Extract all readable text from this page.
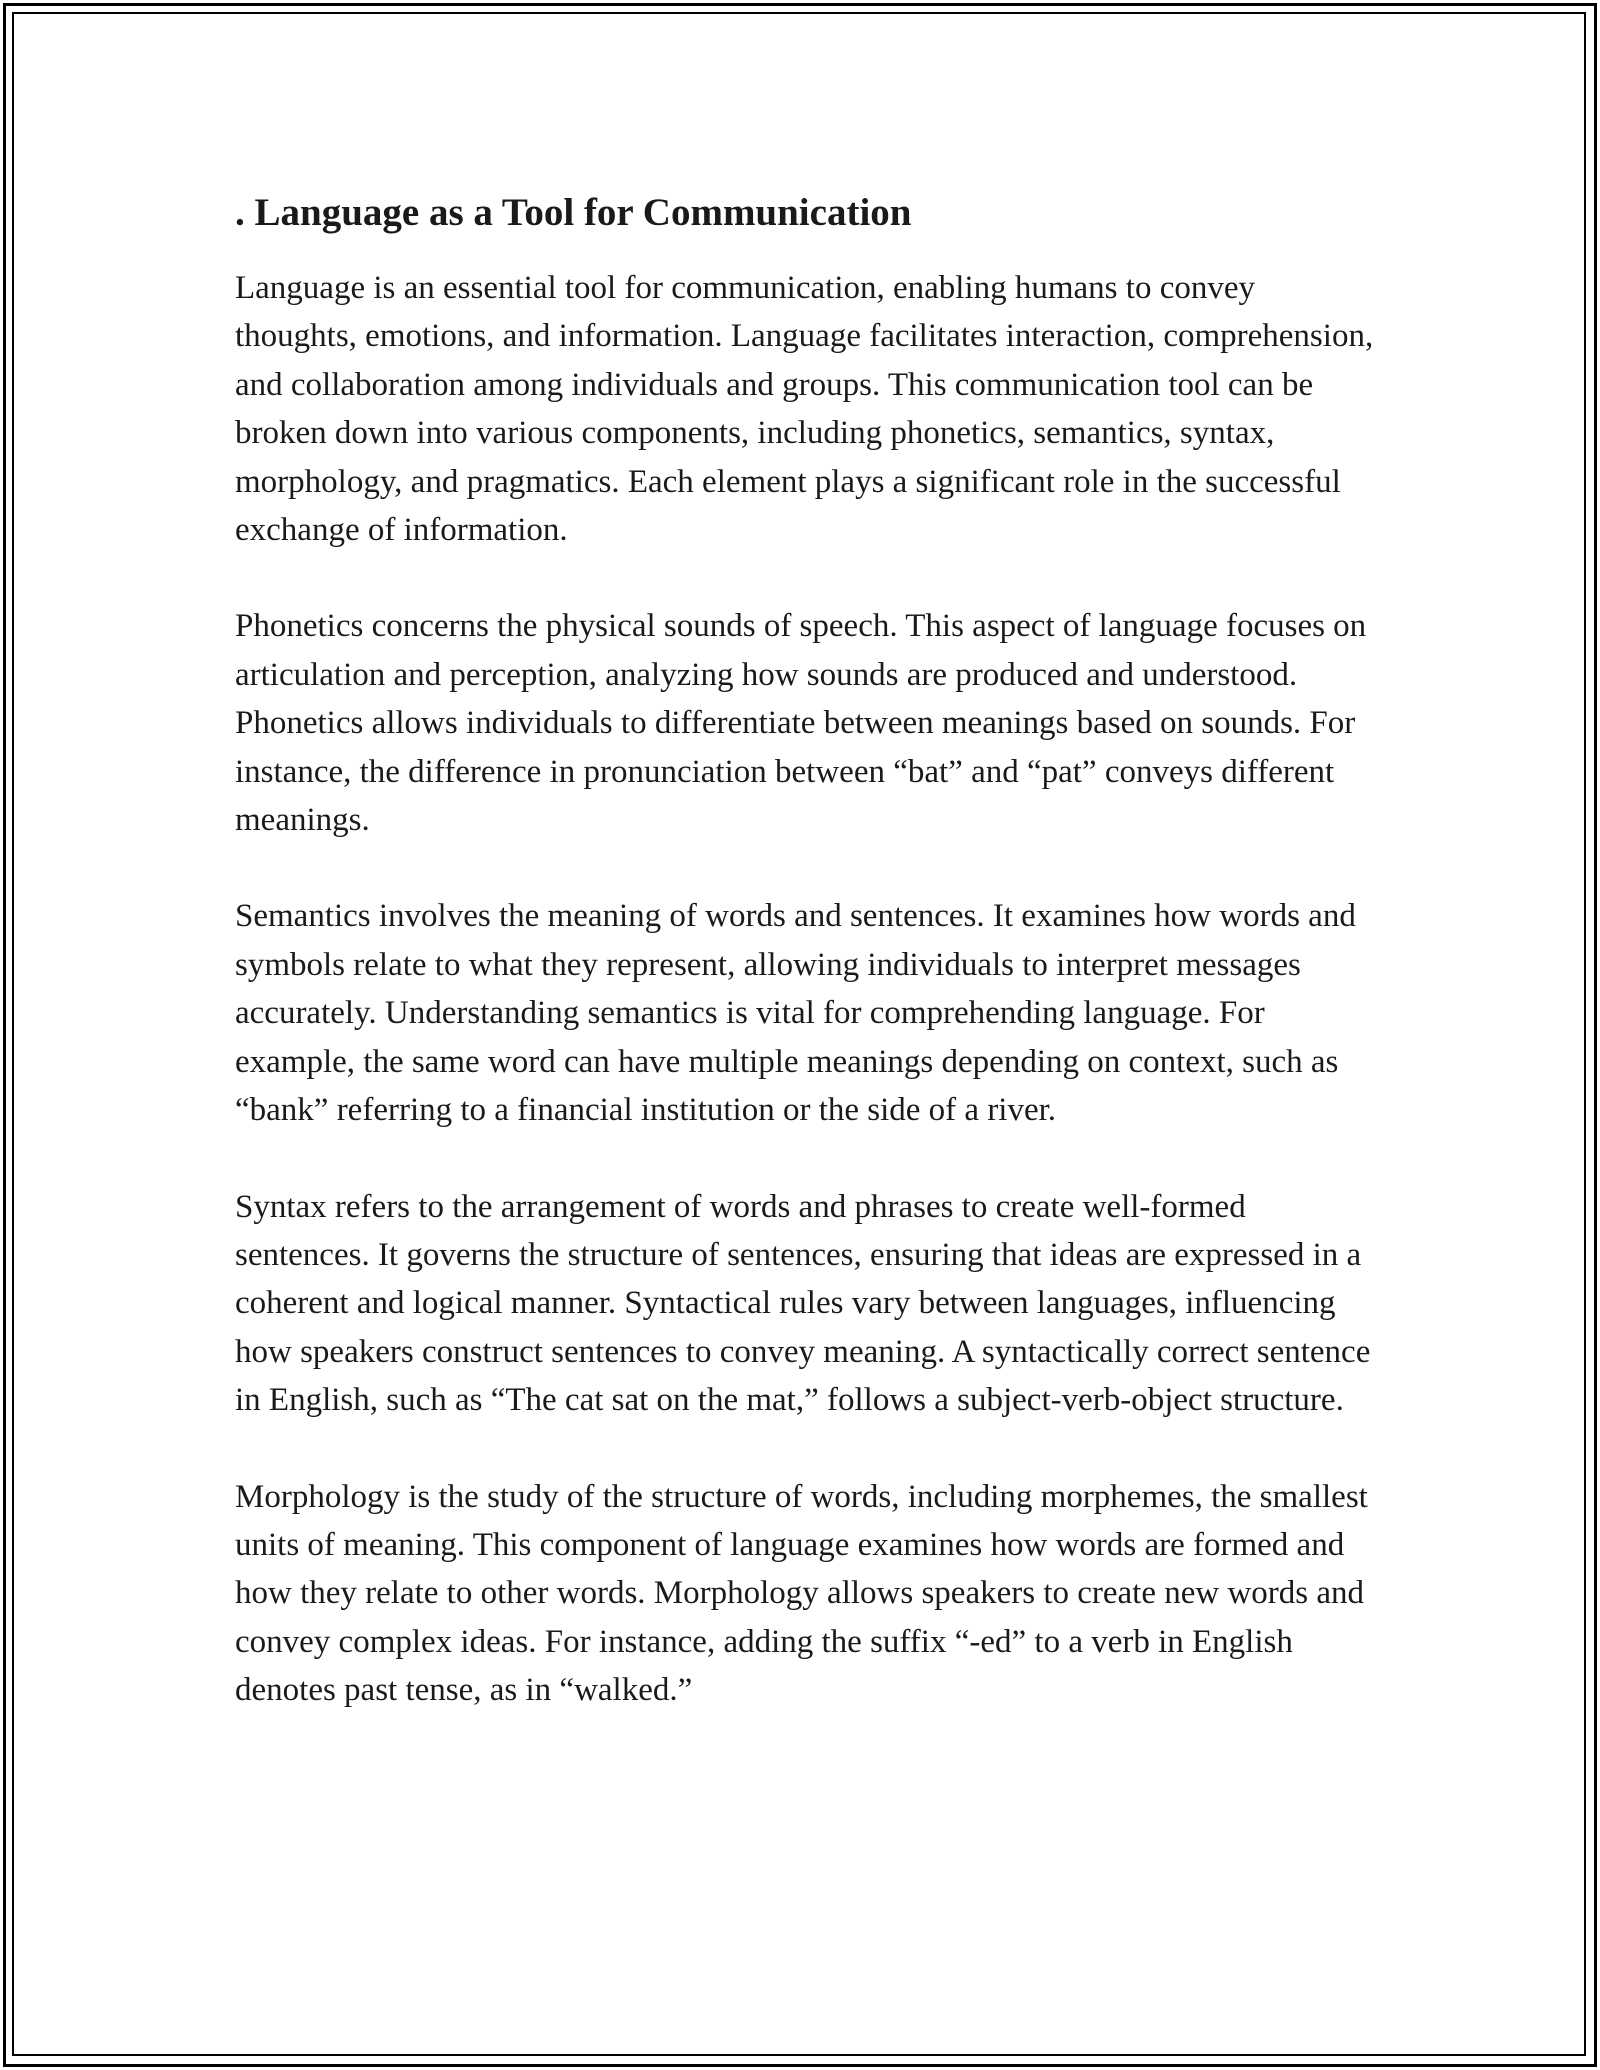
. Language as a Tool for Communication

Language is an essential tool for communication, enabling humans to convey thoughts, emotions, and information. Language facilitates interaction, comprehension, and collaboration among individuals and groups. This communication tool can be broken down into various components, including phonetics, semantics, syntax, morphology, and pragmatics. Each element plays a significant role in the successful exchange of information.

Phonetics concerns the physical sounds of speech. This aspect of language focuses on articulation and perception, analyzing how sounds are produced and understood. Phonetics allows individuals to differentiate between meanings based on sounds. For instance, the difference in pronunciation between “bat” and “pat” conveys different meanings.

Semantics involves the meaning of words and sentences. It examines how words and symbols relate to what they represent, allowing individuals to interpret messages accurately. Understanding semantics is vital for comprehending language. For example, the same word can have multiple meanings depending on context, such as “bank” referring to a financial institution or the side of a river.

Syntax refers to the arrangement of words and phrases to create well-formed sentences. It governs the structure of sentences, ensuring that ideas are expressed in a coherent and logical manner. Syntactical rules vary between languages, influencing how speakers construct sentences to convey meaning. A syntactically correct sentence in English, such as “The cat sat on the mat,” follows a subject-verb-object structure.

Morphology is the study of the structure of words, including morphemes, the smallest units of meaning. This component of language examines how words are formed and how they relate to other words. Morphology allows speakers to create new words and convey complex ideas. For instance, adding the suffix “-ed” to a verb in English denotes past tense, as in “walked.”
